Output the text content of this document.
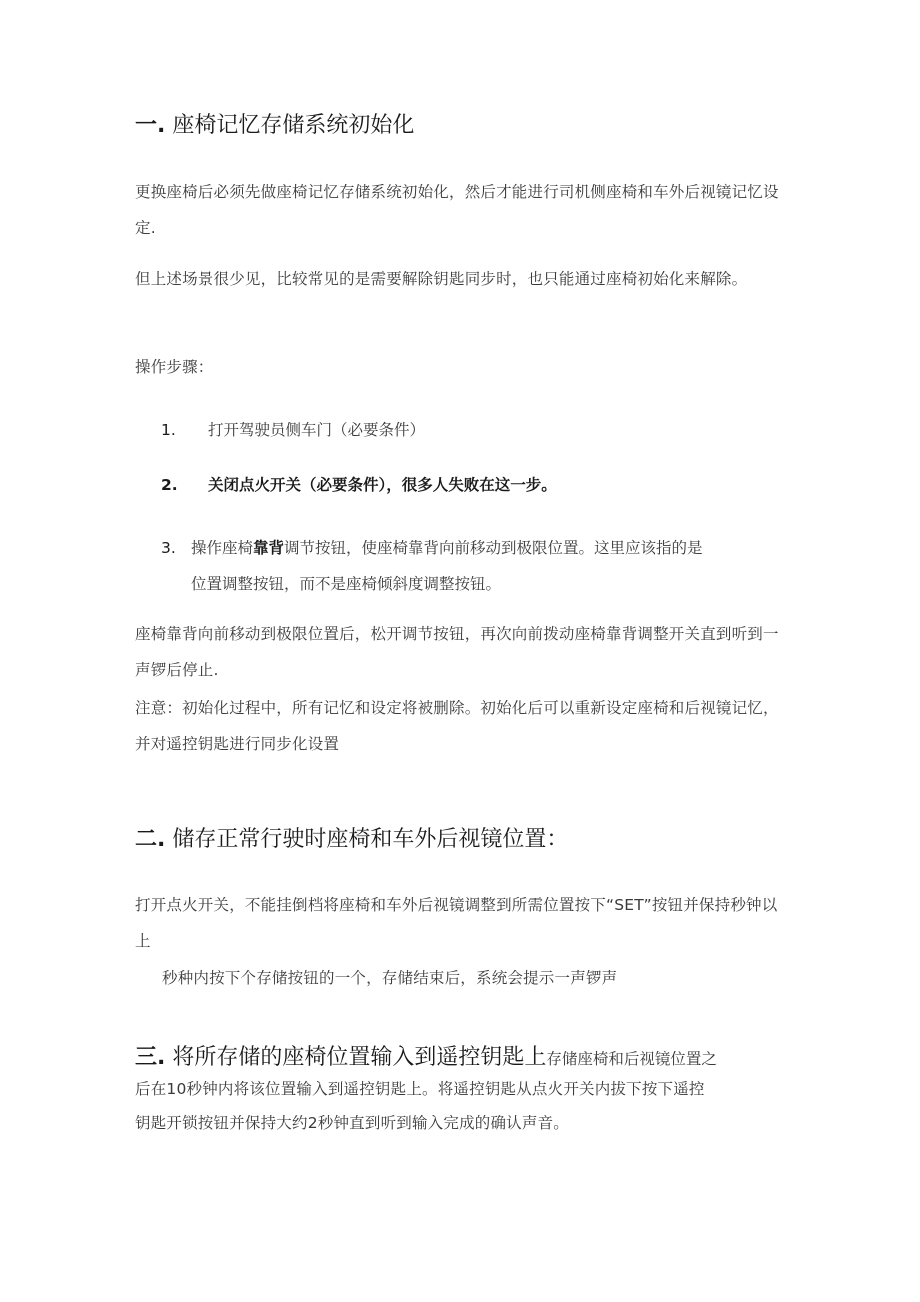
一. 座椅记忆存储系统初始化
更换座椅后必须先做座椅记忆存储系统初始化，然后才能进行司机侧座椅和车外后视镜记忆设定.
但上述场景很少见，比较常见的是需要解除钥匙同步时，也只能通过座椅初始化来解除。
操作步骤：
1. 打开驾驶员侧车门（必要条件）
2. 关闭点火开关（必要条件），很多人失败在这一步。
3. 操作座椅靠背调节按钮，使座椅靠背向前移动到极限位置。这里应该指的是
位置调整按钮，而不是座椅倾斜度调整按钮。
座椅靠背向前移动到极限位置后，松开调节按钮，再次向前拨动座椅靠背调整开关直到听到一声锣后停止.
注意：初始化过程中，所有记忆和设定将被删除。初始化后可以重新设定座椅和后视镜记忆，并对遥控钥匙进行同步化设置
二. 储存正常行驶时座椅和车外后视镜位置：
打开点火开关，不能挂倒档将座椅和车外后视镜调整到所需位置按下“SET”按钮并保持秒钟以上
秒种内按下个存储按钮的一个，存储结束后，系统会提示一声锣声
三. 将所存储的座椅位置输入到遥控钥匙上存储座椅和后视镜位置之
后在10秒钟内将该位置输入到遥控钥匙上。将遥控钥匙从点火开关内拔下按下遥控
钥匙开锁按钮并保持大约2秒钟直到听到输入完成的确认声音。
